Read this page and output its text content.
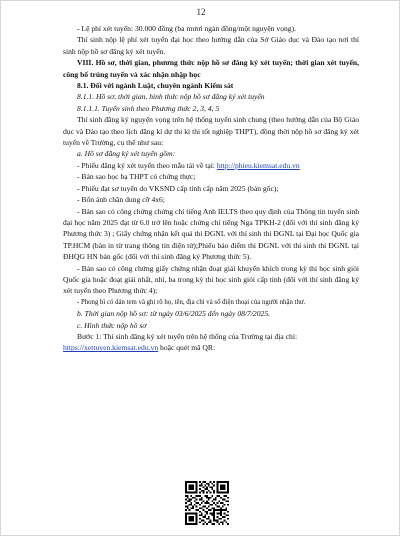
12

- Lệ phí xét tuyển: 30.000 đồng (ba mươi ngàn đồng/một nguyện vọng).

Thí sinh nộp lệ phí xét tuyển đại học theo hướng dẫn của Sở Giáo dục và Đào tạo nơi thí sinh nộp hồ sơ đăng ký xét tuyển.

VIII. Hồ sơ, thời gian, phương thức nộp hồ sơ đăng ký xét tuyển; thời gian xét tuyển, công bố trúng tuyển và xác nhận nhập học

8.1. Đối với ngành Luật, chuyên ngành Kiểm sát

8.1.1. Hồ sơ, thời gian, hình thức nộp hồ sơ đăng ký xét tuyển

8.1.1.1. Tuyển sinh theo Phương thức 2, 3, 4, 5

Thí sinh đăng ký nguyện vọng trên hệ thống tuyển sinh chung (theo hướng dẫn của Bộ Giáo dục và Đào tạo theo lịch đăng kí dự thi kì thi tốt nghiệp THPT), đồng thời nộp hồ sơ đăng ký xét tuyển về Trường, cụ thể như sau:

a. Hồ sơ đăng ký xét tuyển gồm:

- Phiếu đăng ký xét tuyển theo mẫu tải về tại: http://phieu.kiemsat.edu.vn

- Bản sao học bạ THPT có chứng thực;

- Phiếu đạt sơ tuyển do VKSND cấp tỉnh cấp năm 2025 (bản gốc);

- Bốn ảnh chân dung cỡ 4x6;

- Bản sao có công chứng chứng chỉ tiếng Anh IELTS theo quy định của Thông tin tuyển sinh đại học năm 2025 đạt từ 6.0 trở lên hoặc chứng chỉ tiếng Nga TPKH-2 (đối với thí sinh đăng ký Phương thức 3) ; Giấy chứng nhận kết quả thi ĐGNL với thí sinh thi ĐGNL tại Đại học Quốc gia TP.HCM (bản in từ trang thông tin điện tử);Phiếu báo điểm thi ĐGNL với thí sinh thi ĐGNL tại ĐHQG HN bản gốc (đối với thí sinh đăng ký Phương thức 5).

- Bản sao có công chứng giấy chứng nhận đoạt giải khuyến khích trong kỳ thi học sinh giỏi Quốc gia hoặc đoạt giải nhất, nhì, ba trong kỳ thi học sinh giỏi cấp tỉnh (đối với thí sinh đăng ký xét tuyển theo Phương thức 4);

- Phong bì có dán tem và ghi rõ họ, tên, địa chỉ và số điện thoại của người nhận thư.

b. Thời gian nộp hồ sơ: từ ngày 03/6/2025 đến ngày 08/7/2025.

c. Hình thức nộp hồ sơ

Bước 1: Thí sinh đăng ký xét tuyển trên hệ thống của Trường tại địa chỉ:

https://xettuyen.kiemsat.edu.vn hoặc quét mã QR:
